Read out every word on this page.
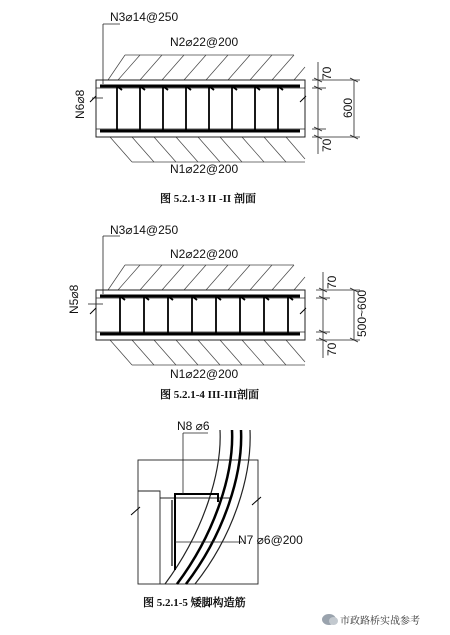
N3⌀14@250
N2⌀22@200
N6⌀8
N1⌀22@200
70
600
70
图 5.2.1-3 II -II 剖面
N3⌀14@250
N2⌀22@200
N5⌀8
N1⌀22@200
70
500~600
70
图 5.2.1-4 III-III剖面
N8 ⌀6
N7 ⌀6@200
图 5.2.1-5 矮脚构造筋
市政路桥实战参考
